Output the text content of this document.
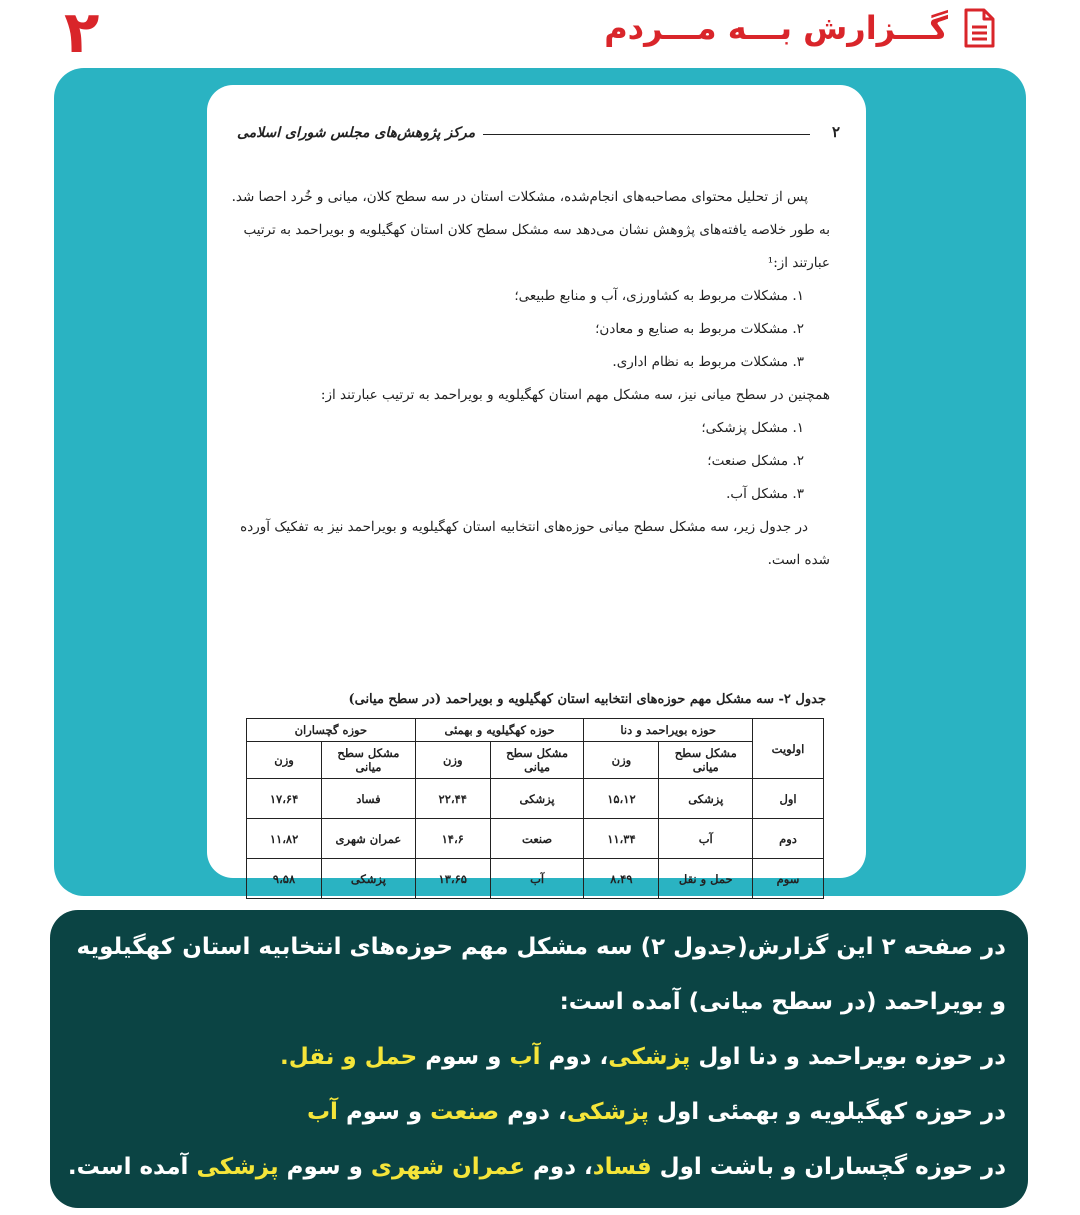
۲	گـــزارش بـــه مـــردم
۲
مرکز پژوهش‌های مجلس شورای اسلامی

پس از تحلیل محتوای مصاحبه‌های انجام‌شده، مشکلات استان در سه سطح کلان، میانی و خُرد احصا شد. به طور خلاصه یافته‌های پژوهش نشان می‌دهد سه مشکل سطح کلان استان کهگیلویه و بویراحمد به ترتیب عبارتند از:¹

۱. مشکلات مربوط به کشاورزی، آب و منابع طبیعی؛

۲. مشکلات مربوط به صنایع و معادن؛

۳. مشکلات مربوط به نظام اداری.

همچنین در سطح میانی نیز، سه مشکل مهم استان کهگیلویه و بویراحمد به ترتیب عبارتند از:

۱. مشکل پزشکی؛

۲. مشکل صنعت؛

۳. مشکل آب.

در جدول زیر، سه مشکل سطح میانی حوزه‌های انتخابیه استان کهگیلویه و بویراحمد نیز به تفکیک آورده شده است.

جدول ۲- سه مشکل مهم حوزه‌های انتخابیه استان کهگیلویه و بویراحمد (در سطح میانی)
اولویت	حوزه بویراحمد و دنا		حوزه کهگیلویه و بهمئی		حوزه گچساران	
	مشکل سطح میانی	وزن	مشکل سطح میانی	وزن	مشکل سطح میانی	وزن
اول	پزشکی	۱۵،۱۲	پزشکی	۲۲،۴۴	فساد	۱۷،۶۴
دوم	آب	۱۱،۳۴	صنعت	۱۴،۶	عمران شهری	۱۱،۸۲
سوم	حمل و نقل	۸،۴۹	آب	۱۳،۶۵	پزشکی	۹،۵۸

در صفحه ۲ این گزارش(جدول ۲) سه مشکل مهم حوزه‌های انتخابیه استان کهگیلویه و بویراحمد (در سطح میانی) آمده است:

در حوزه بویراحمد و دنا اول پزشکی، دوم آب و سوم حمل و نقل.

در حوزه کهگیلویه و بهمئی اول پزشکی، دوم صنعت و سوم آب

در حوزه گچساران و باشت اول فساد، دوم عمران شهری و سوم پزشکی آمده است.
